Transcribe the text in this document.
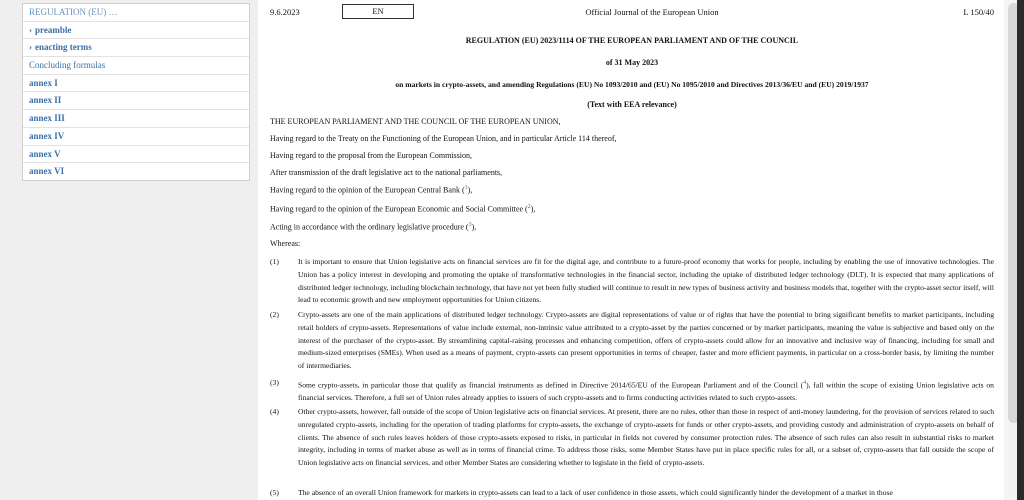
REGULATION (EU) …
› preamble
› enacting terms
Concluding formulas
annex I
annex II
annex III
annex IV
annex V
annex VI
9.6.2023	EN	Official Journal of the European Union	L 150/40
REGULATION (EU) 2023/1114 OF THE EUROPEAN PARLIAMENT AND OF THE COUNCIL
of 31 May 2023
on markets in crypto-assets, and amending Regulations (EU) No 1093/2010 and (EU) No 1095/2010 and Directives 2013/36/EU and (EU) 2019/1937
(Text with EEA relevance)
THE EUROPEAN PARLIAMENT AND THE COUNCIL OF THE EUROPEAN UNION,
Having regard to the Treaty on the Functioning of the European Union, and in particular Article 114 thereof,
Having regard to the proposal from the European Commission,
After transmission of the draft legislative act to the national parliaments,
Having regard to the opinion of the European Central Bank ($^1$),
Having regard to the opinion of the European Economic and Social Committee ($^2$),
Acting in accordance with the ordinary legislative procedure ($^3$),
Whereas:
(1)	It is important to ensure that Union legislative acts on financial services are fit for the digital age, and contribute to a future-proof economy that works for people, including by enabling the use of innovative technologies. The Union has a policy interest in developing and promoting the uptake of transformative technologies in the financial sector, including the uptake of distributed ledger technology (DLT). It is expected that many applications of distributed ledger technology, including blockchain technology, that have not yet been fully studied will continue to result in new types of business activity and business models that, together with the crypto-asset sector itself, will lead to economic growth and new employment opportunities for Union citizens.
(2)	Crypto-assets are one of the main applications of distributed ledger technology. Crypto-assets are digital representations of value or of rights that have the potential to bring significant benefits to market participants, including retail holders of crypto-assets. Representations of value include external, non-intrinsic value attributed to a crypto-asset by the parties concerned or by market participants, meaning the value is subjective and based only on the interest of the purchaser of the crypto-asset. By streamlining capital-raising processes and enhancing competition, offers of crypto-assets could allow for an innovative and inclusive way of financing, including for small and medium-sized enterprises (SMEs). When used as a means of payment, crypto-assets can present opportunities in terms of cheaper, faster and more efficient payments, in particular on a cross-border basis, by limiting the number of intermediaries.
(3)	Some crypto-assets, in particular those that qualify as financial instruments as defined in Directive 2014/65/EU of the European Parliament and of the Council ($^4$), fall within the scope of existing Union legislative acts on financial services. Therefore, a full set of Union rules already applies to issuers of such crypto-assets and to firms conducting activities related to such crypto-assets.
(4)	Other crypto-assets, however, fall outside of the scope of Union legislative acts on financial services. At present, there are no rules, other than those in respect of anti-money laundering, for the provision of services related to such unregulated crypto-assets, including for the operation of trading platforms for crypto-assets, the exchange of crypto-assets for funds or other crypto-assets, and providing custody and administration of crypto-assets on behalf of clients. The absence of such rules leaves holders of those crypto-assets exposed to risks, in particular in fields not covered by consumer protection rules. The absence of such rules can also result in substantial risks to market integrity, including in terms of market abuse as well as in terms of financial crime. To address those risks, some Member States have put in place specific rules for all, or a subset of, crypto-assets that fall outside the scope of Union legislative acts on financial services, and other Member States are considering whether to legislate in the field of crypto-assets.
(5)	The absence of an overall Union framework for markets in crypto-assets can lead to a lack of user confidence in those assets, which could significantly hinder the development of a market in those
